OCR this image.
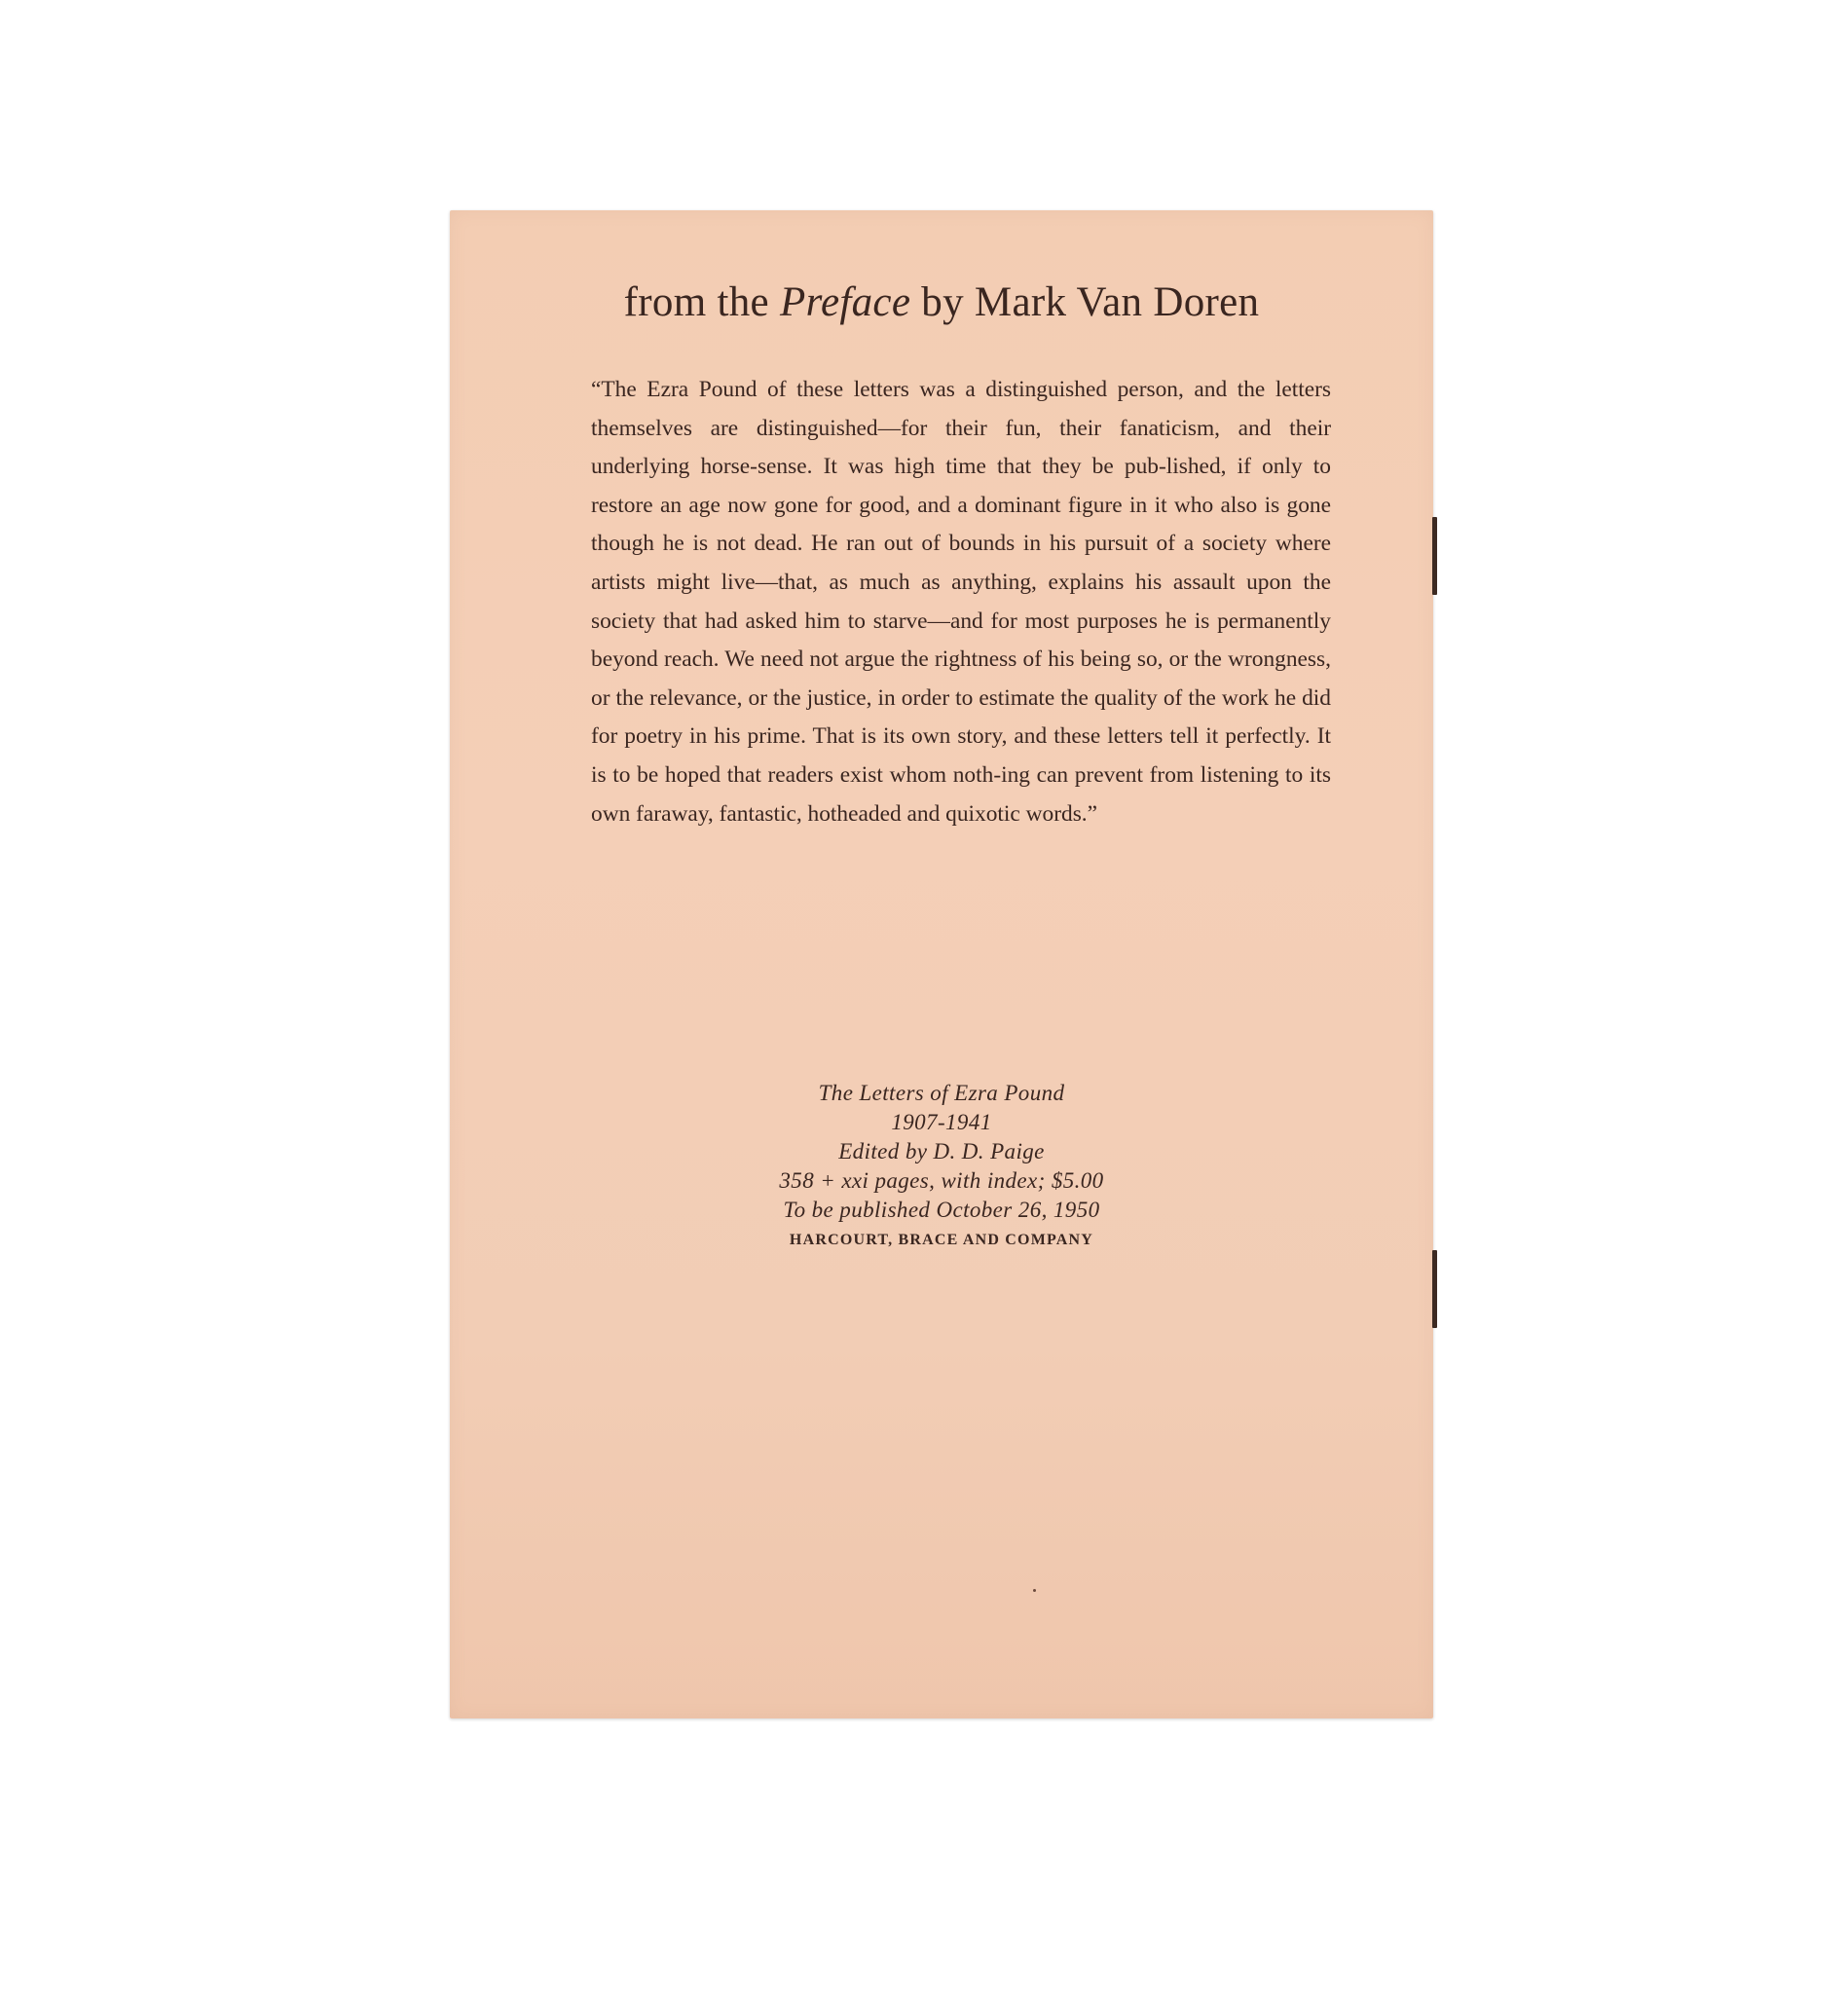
from the Preface by Mark Van Doren

“The Ezra Pound of these letters was a distinguished person, and the letters themselves are distinguished—for their fun, their fanaticism, and their underlying horse-sense. It was high time that they be pub-lished, if only to restore an age now gone for good, and a dominant figure in it who also is gone though he is not dead. He ran out of bounds in his pursuit of a society where artists might live—that, as much as anything, explains his assault upon the society that had asked him to starve—and for most purposes he is permanently beyond reach. We need not argue the rightness of his being so, or the wrongness, or the relevance, or the justice, in order to estimate the quality of the work he did for poetry in his prime. That is its own story, and these letters tell it perfectly. It is to be hoped that readers exist whom noth-ing can prevent from listening to its own faraway, fantastic, hotheaded and quixotic words.”

The Letters of Ezra Pound
1907-1941
Edited by D. D. Paige
358 + xxi pages, with index; $5.00
To be published October 26, 1950
HARCOURT, BRACE AND COMPANY
